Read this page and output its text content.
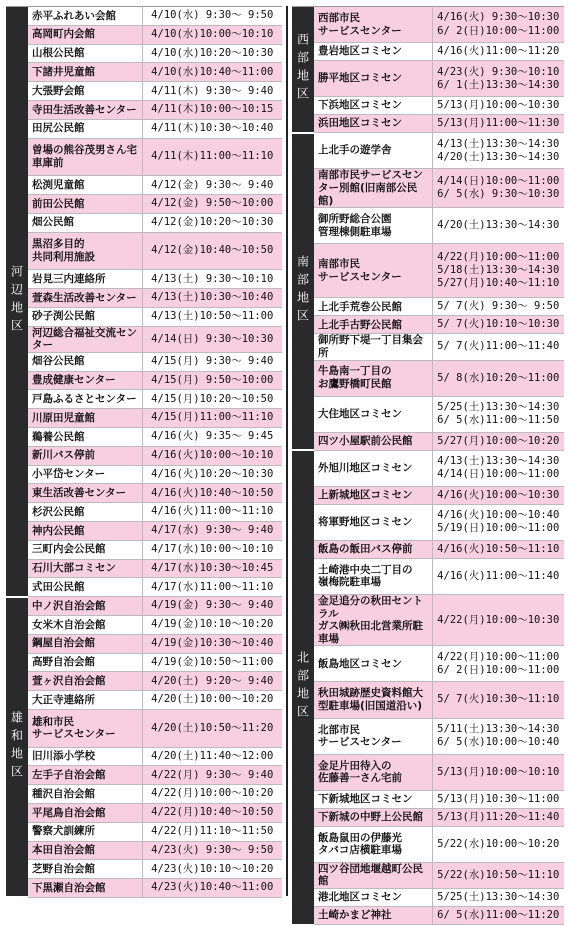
河辺地区	赤平ふれあい会館	4/10(水) 9:30～ 9:50
	高岡町内会館	4/10(水)10:00～10:10
	山根公民館	4/10(水)10:20～10:30
	下諸井児童館	4/10(水)10:40～11:00
	大張野会館	4/11(木) 9:30～ 9:40
	寺田生活改善センター	4/11(木)10:00～10:15
	田尻公民館	4/11(木)10:30～10:40
	曽場の熊谷茂男さん宅
車庫前	4/11(木)11:00～11:10
	松渕児童館	4/12(金) 9:30～ 9:40
	前田公民館	4/12(金) 9:50～10:00
	畑公民館	4/12(金)10:20～10:30
	黒沼多目的
共同利用施設	4/12(金)10:40～10:50
	岩見三内連絡所	4/13(土) 9:30～10:10
	萱森生活改善センター	4/13(土)10:30～10:40
	砂子渕公民館	4/13(土)10:50～11:00
	河辺総合福祉交流センター	4/14(日) 9:30～10:30
	畑谷公民館	4/15(月) 9:30～ 9:40
	豊成健康センター	4/15(月) 9:50～10:00
	戸島ふるさとセンター	4/15(月)10:20～10:50
	川原田児童館	4/15(月)11:00～11:10
	鵜養公民館	4/16(火) 9:35～ 9:45
	新川バス停前	4/16(火)10:00～10:10
	小平岱センター	4/16(火)10:20～10:30
	東生活改善センター	4/16(火)10:40～10:50
	杉沢公民館	4/16(火)11:00～11:10
	神内公民館	4/17(水) 9:30～ 9:40
	三町内会公民館	4/17(水)10:00～10:10
	石川大部コミセン	4/17(水)10:30～10:45
	式田公民館	4/17(水)11:00～11:10

雄和地区	中ノ沢自治会館	4/19(金) 9:30～ 9:40
	女米木自治会館	4/19(金)10:10～10:20
	鋼屋自治会館	4/19(金)10:30～10:40
	高野自治会館	4/19(金)10:50～11:00
	萱ヶ沢自治会館	4/20(土) 9:20～ 9:40
	大正寺連絡所	4/20(土)10:00～10:20
	雄和市民
サービスセンター	4/20(土)10:50～11:20
	旧川添小学校	4/20(土)11:40～12:00
	左手子自治会館	4/22(月) 9:30～ 9:40
	種沢自治会館	4/22(月)10:00～10:20
	平尾鳥自治会館	4/22(月)10:40～10:50
	警察犬訓練所	4/22(月)11:10～11:50
	本田自治会館	4/23(火) 9:30～ 9:50
	芝野自治会館	4/23(火)10:10～10:20
	下黒瀬自治会館	4/23(火)10:40～11:00
西部地区	西部市民
サービスセンター	4/16(火) 9:30～10:30
6/ 2(日)10:00～11:00
	豊岩地区コミセン	4/16(火)11:00～11:20
	勝平地区コミセン	4/23(火) 9:30～10:10
6/ 1(土)13:30～14:30
	下浜地区コミセン	5/13(月)10:00～10:30
	浜田地区コミセン	5/13(月)11:00～11:30

南部地区	上北手の遊学舎	4/13(土)13:30～14:30
4/20(土)13:30～14:30
	南部市民サービスセン
ター別館(旧南部公民館)	4/14(日)10:00～11:00
6/ 5(水) 9:30～10:30
	御所野総合公園
管理棟側駐車場	4/20(土)13:30～14:30
	南部市民
サービスセンター	4/22(月)10:00～11:00
5/18(土)13:30～14:30
5/27(月)10:40～11:10
	上北手荒巻公民館	5/ 7(火) 9:30～ 9:50
	上北手古野公民館	5/ 7(火)10:10～10:30
	御所野下堤一丁目集会所	5/ 7(火)11:00～11:40
	牛島南一丁目の
お鷹野橋町民館	5/ 8(水)10:20～11:00
	大住地区コミセン	5/25(土)13:30～14:30
6/ 5(水)11:00～11:50
	四ツ小屋駅前公民館	5/27(月)10:00～10:20

北部地区	外旭川地区コミセン	4/13(土)13:30～14:30
4/14(日)10:00～11:00
	上新城地区コミセン	4/16(火)10:00～10:30
	将軍野地区コミセン	4/16(火)10:00～10:40
5/19(日)10:00～11:00
	飯島の飯田バス停前	4/16(火)10:50～11:10
	土崎港中央二丁目の
嶺梅院駐車場	4/16(火)11:00～11:40
	金足追分の秋田セントラル
ガス㈱秋田北営業所駐車場	4/22(月)10:00～10:30
	飯島地区コミセン	4/22(月)10:00～11:00
6/ 2(日)10:00～11:00
	秋田城跡歴史資料館大
型駐車場(旧国道沿い)	5/ 7(火)10:30～11:10
	北部市民
サービスセンター	5/11(土)13:30～14:30
6/ 5(水)10:00～10:40
	金足片田待入の
佐藤善一さん宅前	5/13(月)10:00～10:10
	下新城地区コミセン	5/13(月)10:30～11:00
	下新城の中野上公民館	5/13(月)11:20～11:40
	飯島鼠田の伊藤光
タバコ店横駐車場	5/22(水)10:00～10:20
	四ツ谷団地堰越町公民館	5/22(水)10:50～11:10
	港北地区コミセン	5/25(土)13:30～14:30
	土崎かまど神社	6/ 5(水)11:00～11:20
